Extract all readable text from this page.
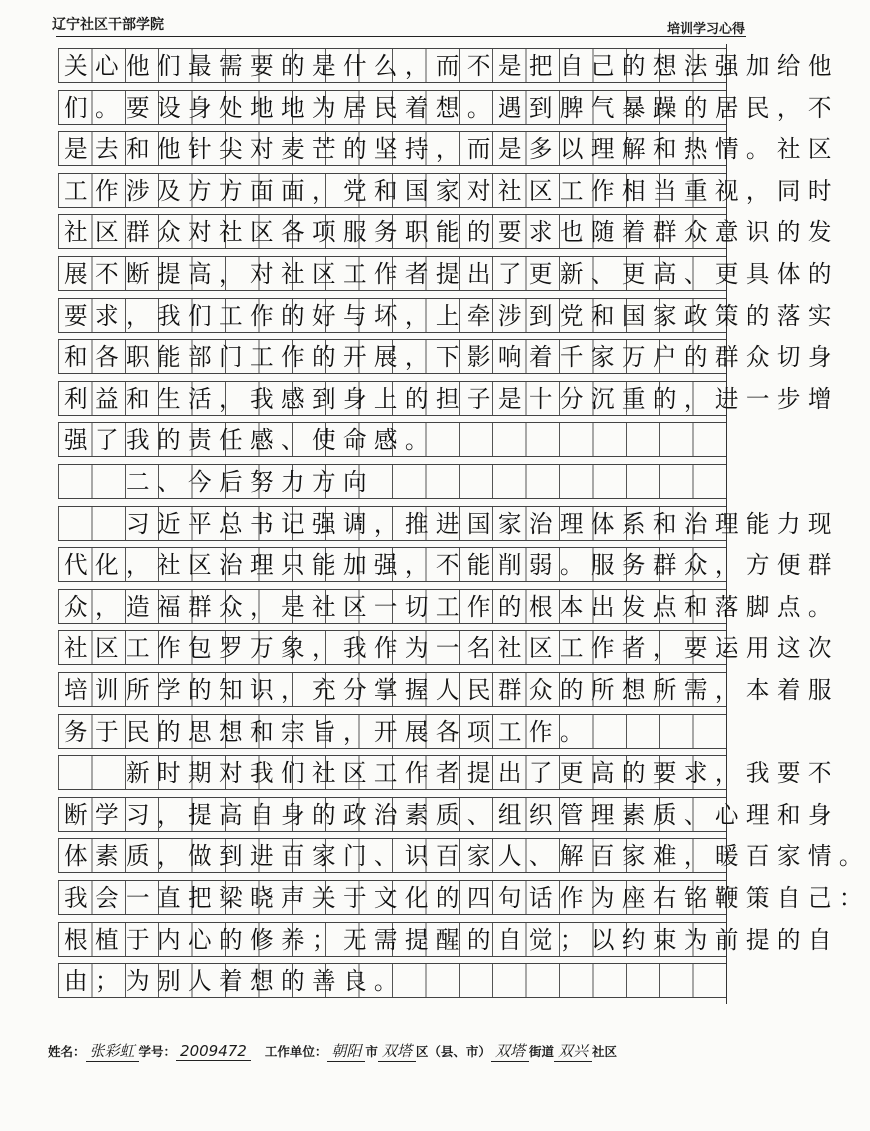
辽宁社区干部学院	培训学习心得
关心他们最需要的是什么，而不是把自己的想法强加给他
们。要设身处地地为居民着想。遇到脾气暴躁的居民，不
是去和他针尖对麦芒的坚持，而是多以理解和热情。社区
工作涉及方方面面，党和国家对社区工作相当重视，同时
社区群众对社区各项服务职能的要求也随着群众意识的发
展不断提高，对社区工作者提出了更新、更高、更具体的
要求，我们工作的好与坏，上牵涉到党和国家政策的落实
和各职能部门工作的开展，下影响着千家万户的群众切身
利益和生活，我感到身上的担子是十分沉重的，进一步增
强了我的责任感、使命感。
　　二、今后努力方向
　　习近平总书记强调，推进国家治理体系和治理能力现
代化，社区治理只能加强，不能削弱。服务群众，方便群
众，造福群众，是社区一切工作的根本出发点和落脚点。
社区工作包罗万象，我作为一名社区工作者，要运用这次
培训所学的知识，充分掌握人民群众的所想所需，本着服
务于民的思想和宗旨，开展各项工作。
　　新时期对我们社区工作者提出了更高的要求，我要不
断学习，提高自身的政治素质、组织管理素质、心理和身
体素质，做到进百家门、识百家人、解百家难，暖百家情。
我会一直把梁晓声关于文化的四句话作为座右铭鞭策自己：
根植于内心的修养；无需提醒的自觉；以约束为前提的自
由；为别人着想的善良。
姓名： 张彩虹 学号： 2009472 工作单位： 朝阳 市 双塔 区（县、市） 双塔 街道 双兴 社区
